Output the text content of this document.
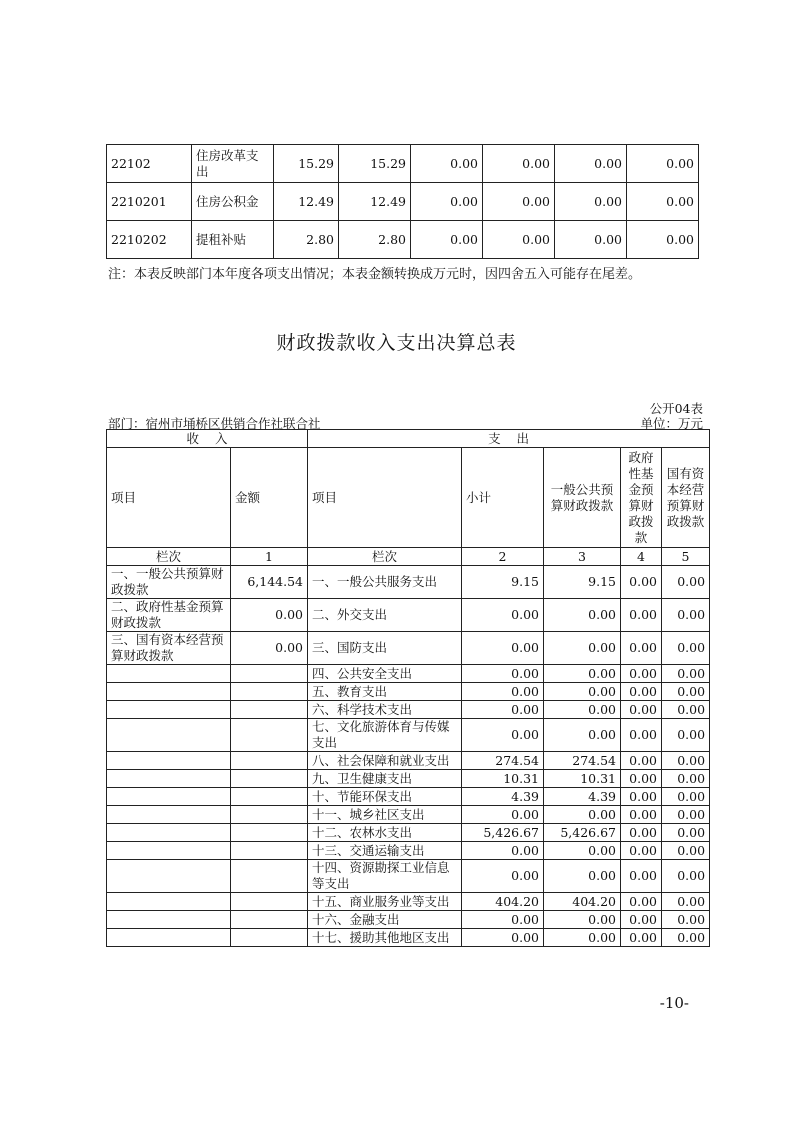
22102	住房改革支出	15.29	15.29	0.00	0.00	0.00	0.00
2210201	住房公积金	12.49	12.49	0.00	0.00	0.00	0.00
2210202	提租补贴	2.80	2.80	0.00	0.00	0.00	0.00
注：本表反映部门本年度各项支出情况；本表金额转换成万元时，因四舍五入可能存在尾差。
财政拨款收入支出决算总表
公开04表
部门：宿州市埇桥区供销合作社联合社	单位：万元
收    入		支    出				
项目	金额	项目	小计	一般公共预算财政拨款	政府性基金预算财政拨款	国有资本经营预算财政拨款
栏次	1	栏次	2	3	4	5
一、一般公共预算财政拨款	6,144.54	一、一般公共服务支出	9.15	9.15	0.00	0.00
二、政府性基金预算财政拨款	0.00	二、外交支出	0.00	0.00	0.00	0.00
三、国有资本经营预算财政拨款	0.00	三、国防支出	0.00	0.00	0.00	0.00
		四、公共安全支出	0.00	0.00	0.00	0.00
		五、教育支出	0.00	0.00	0.00	0.00
		六、科学技术支出	0.00	0.00	0.00	0.00
		七、文化旅游体育与传媒支出	0.00	0.00	0.00	0.00
		八、社会保障和就业支出	274.54	274.54	0.00	0.00
		九、卫生健康支出	10.31	10.31	0.00	0.00
		十、节能环保支出	4.39	4.39	0.00	0.00
		十一、城乡社区支出	0.00	0.00	0.00	0.00
		十二、农林水支出	5,426.67	5,426.67	0.00	0.00
		十三、交通运输支出	0.00	0.00	0.00	0.00
		十四、资源勘探工业信息等支出	0.00	0.00	0.00	0.00
		十五、商业服务业等支出	404.20	404.20	0.00	0.00
		十六、金融支出	0.00	0.00	0.00	0.00
		十七、援助其他地区支出	0.00	0.00	0.00	0.00
-10-
